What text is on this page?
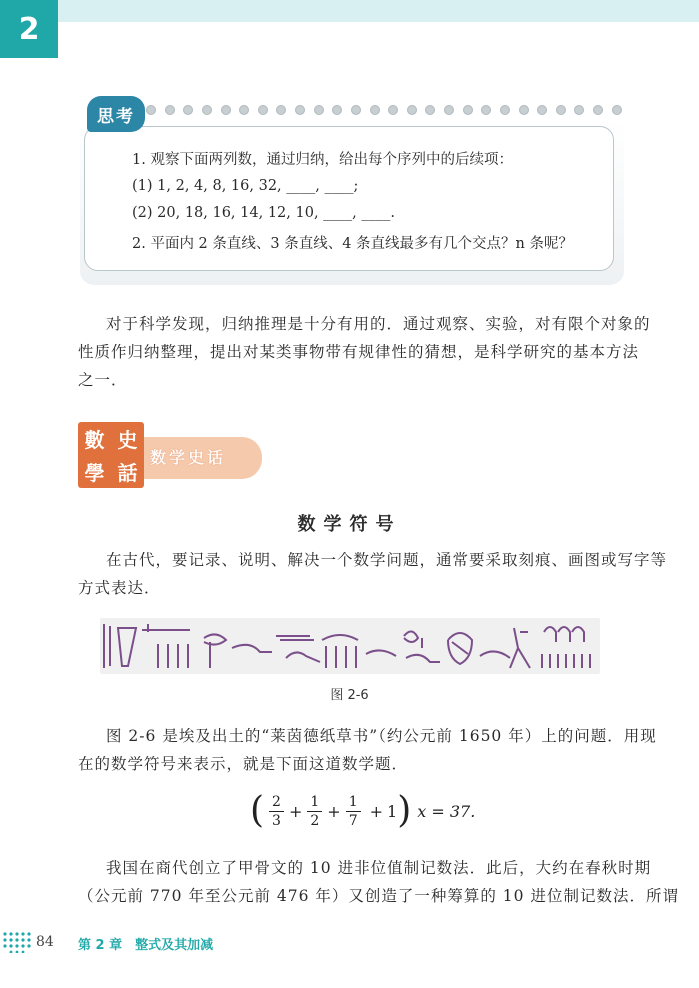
2
思考
1. 观察下面两列数，通过归纳，给出每个序列中的后续项：
(1) 1, 2, 4, 8, 16, 32, ____, ____;
(2) 20, 18, 16, 14, 12, 10, ____, ____.
2. 平面内 2 条直线、3 条直线、4 条直线最多有几个交点？n 条呢？
对于科学发现，归纳推理是十分有用的．通过观察、实验，对有限个对象的
性质作归纳整理，提出对某类事物带有规律性的猜想，是科学研究的基本方法
之一．
數 史
學 話
数学史话
数学符号
在古代，要记录、说明、解决一个数学问题，通常要采取刻痕、画图或写字等
方式表达．
图 2-6
图 2-6 是埃及出土的“莱茵德纸草书”（约公元前 1650 年）上的问题．用现
在的数学符号来表示，就是下面这道数学题．
( $\frac{2}{3} + \frac{1}{2} + \frac{1}{7} + 1$ ) x = 37.
我国在商代创立了甲骨文的 10 进非位值制记数法．此后，大约在春秋时期
（公元前 770 年至公元前 476 年）又创造了一种筹算的 10 进位制记数法．所谓
84 第 2 章　整式及其加减
